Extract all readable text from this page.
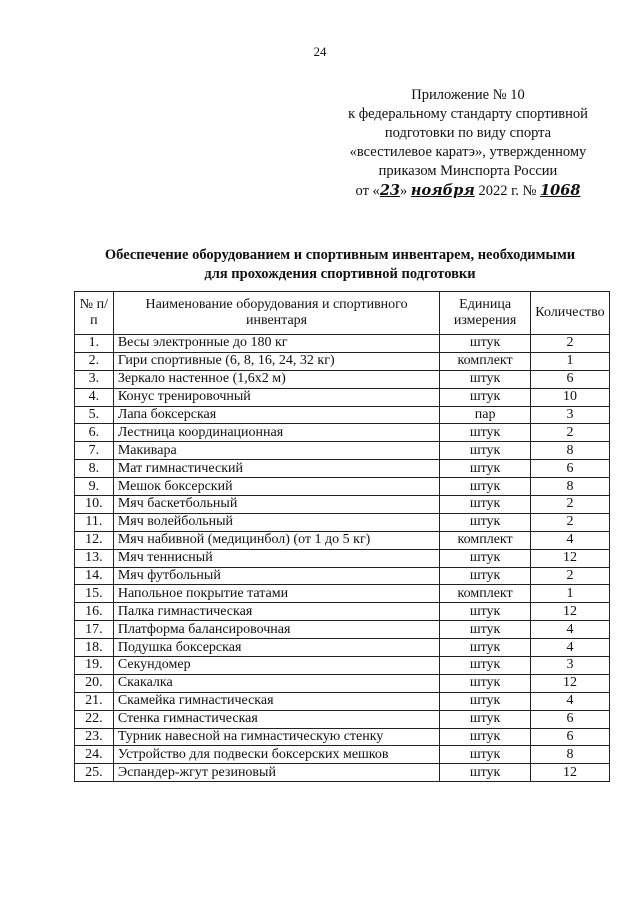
24
Приложение № 10
к федеральному стандарту спортивной
подготовки по виду спорта
«всестилевое каратэ», утвержденному
приказом Минспорта России
от «23» ноября 2022 г. № 1068
Обеспечение оборудованием и спортивным инвентарем, необходимыми
для прохождения спортивной подготовки
№ п/п	Наименование оборудования и спортивного инвентаря	Единица измерения	Количество
1.	Весы электронные до 180 кг	штук	2
2.	Гири спортивные (6, 8, 16, 24, 32 кг)	комплект	1
3.	Зеркало настенное (1,6х2 м)	штук	6
4.	Конус тренировочный	штук	10
5.	Лапа боксерская	пар	3
6.	Лестница координационная	штук	2
7.	Макивара	штук	8
8.	Мат гимнастический	штук	6
9.	Мешок боксерский	штук	8
10.	Мяч баскетбольный	штук	2
11.	Мяч волейбольный	штук	2
12.	Мяч набивной (медицинбол) (от 1 до 5 кг)	комплект	4
13.	Мяч теннисный	штук	12
14.	Мяч футбольный	штук	2
15.	Напольное покрытие татами	комплект	1
16.	Палка гимнастическая	штук	12
17.	Платформа балансировочная	штук	4
18.	Подушка боксерская	штук	4
19.	Секундомер	штук	3
20.	Скакалка	штук	12
21.	Скамейка гимнастическая	штук	4
22.	Стенка гимнастическая	штук	6
23.	Турник навесной на гимнастическую стенку	штук	6
24.	Устройство для подвески боксерских мешков	штук	8
25.	Эспандер-жгут резиновый	штук	12
